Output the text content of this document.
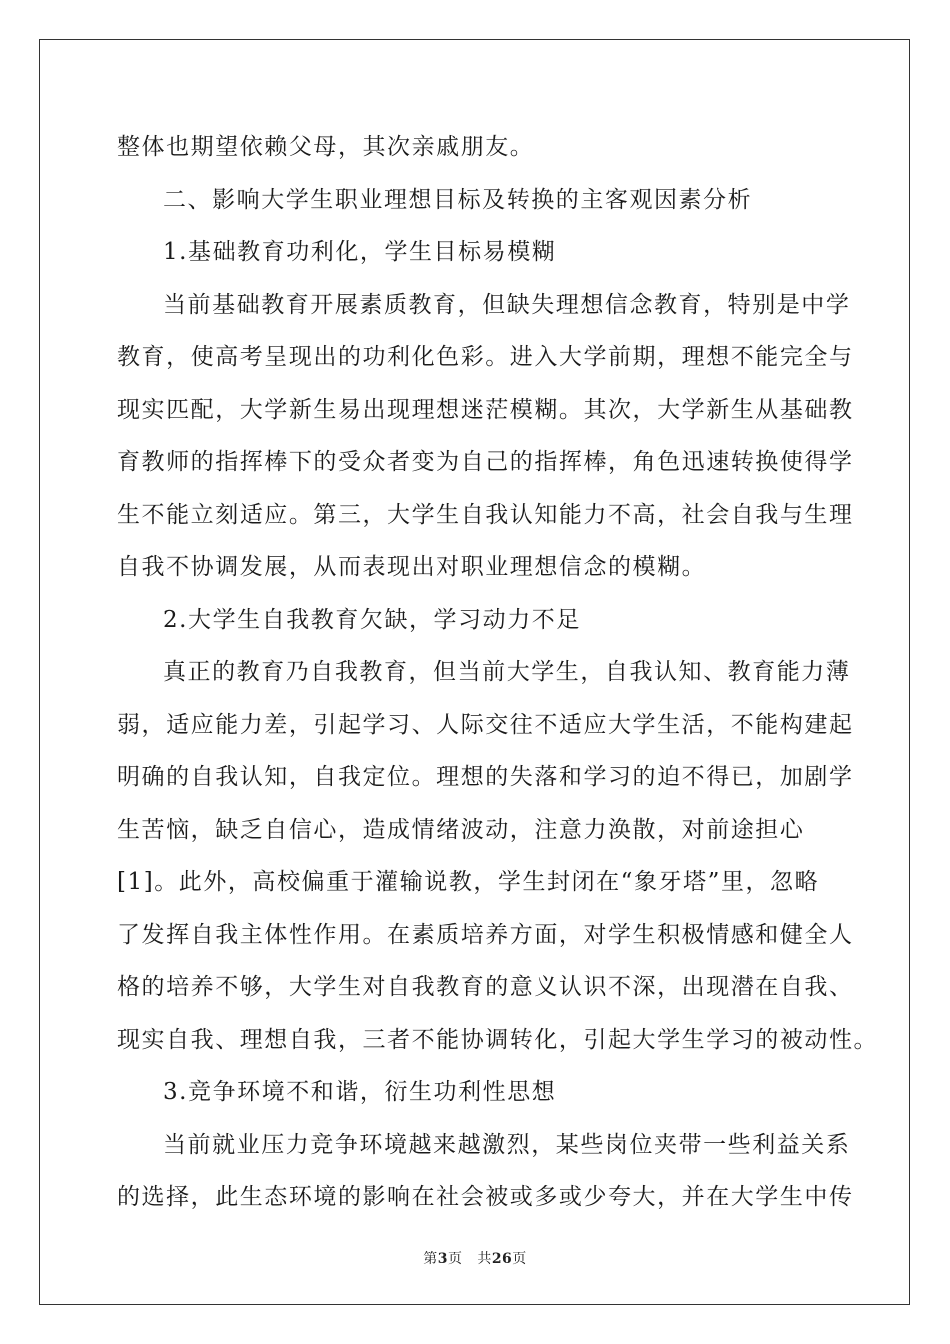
整体也期望依赖父母，其次亲戚朋友。
二、影响大学生职业理想目标及转换的主客观因素分析
1.基础教育功利化，学生目标易模糊
当前基础教育开展素质教育，但缺失理想信念教育，特别是中学
教育，使高考呈现出的功利化色彩。进入大学前期，理想不能完全与
现实匹配，大学新生易出现理想迷茫模糊。其次，大学新生从基础教
育教师的指挥棒下的受众者变为自己的指挥棒，角色迅速转换使得学
生不能立刻适应。第三，大学生自我认知能力不高，社会自我与生理
自我不协调发展，从而表现出对职业理想信念的模糊。
2.大学生自我教育欠缺，学习动力不足
真正的教育乃自我教育，但当前大学生，自我认知、教育能力薄
弱，适应能力差，引起学习、人际交往不适应大学生活，不能构建起
明确的自我认知，自我定位。理想的失落和学习的迫不得已，加剧学
生苦恼，缺乏自信心，造成情绪波动，注意力涣散，对前途担心
[1]。此外，高校偏重于灌输说教，学生封闭在“象牙塔”里，忽略
了发挥自我主体性作用。在素质培养方面，对学生积极情感和健全人
格的培养不够，大学生对自我教育的意义认识不深，出现潜在自我、
现实自我、理想自我，三者不能协调转化，引起大学生学习的被动性。
3.竞争环境不和谐，衍生功利性思想
当前就业压力竞争环境越来越激烈，某些岗位夹带一些利益关系
的选择，此生态环境的影响在社会被或多或少夸大，并在大学生中传
第3页 共26页
